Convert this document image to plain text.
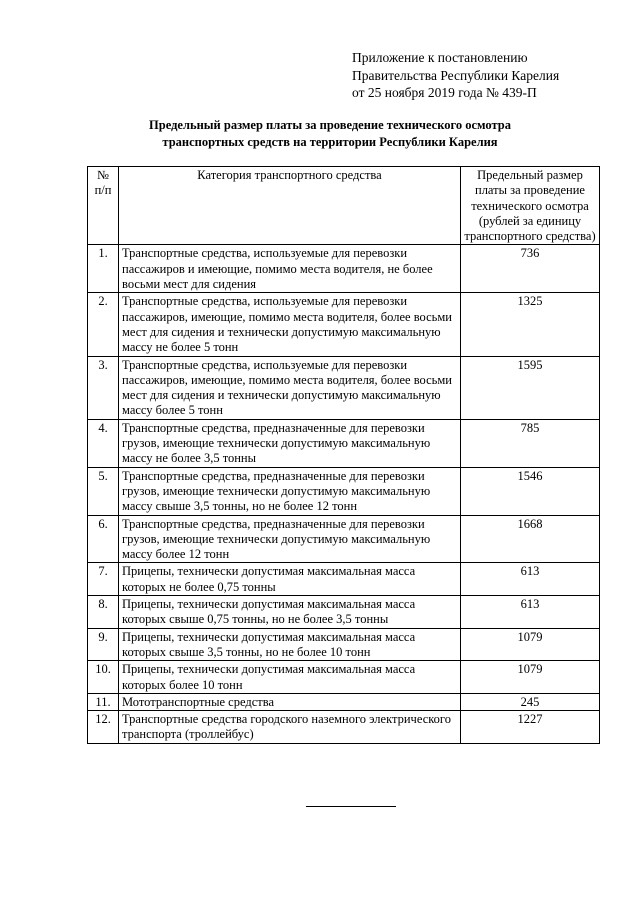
Приложение к постановлению
Правительства Республики Карелия
от 25 ноября 2019 года № 439-П
Предельный размер платы за проведение технического осмотра
транспортных средств на территории Республики Карелия
№ п/п	Категория транспортного средства	Предельный размер платы за проведение технического осмотра (рублей за единицу транспортного средства)
1.	Транспортные средства, используемые для перевозки пассажиров и имеющие, помимо места водителя, не более восьми мест для сидения	736
2.	Транспортные средства, используемые для перевозки пассажиров, имеющие, помимо места водителя, более восьми мест для сидения и технически допустимую максимальную массу не более 5 тонн	1325
3.	Транспортные средства, используемые для перевозки пассажиров, имеющие, помимо места водителя, более восьми мест для сидения и технически допустимую максимальную массу более 5 тонн	1595
4.	Транспортные средства, предназначенные для перевозки грузов, имеющие технически допустимую максимальную массу не более 3,5 тонны	785
5.	Транспортные средства, предназначенные для перевозки грузов, имеющие технически допустимую максимальную массу свыше 3,5 тонны, но не более 12 тонн	1546
6.	Транспортные средства, предназначенные для перевозки грузов, имеющие технически допустимую максимальную массу более 12 тонн	1668
7.	Прицепы, технически допустимая максимальная масса которых не более 0,75 тонны	613
8.	Прицепы, технически допустимая максимальная масса которых свыше 0,75 тонны, но не более 3,5 тонны	613
9.	Прицепы, технически допустимая максимальная масса которых свыше 3,5 тонны, но не более 10 тонн	1079
10.	Прицепы, технически допустимая максимальная масса которых более 10 тонн	1079
11.	Мототранспортные средства	245
12.	Транспортные средства городского наземного электрического транспорта (троллейбус)	1227
